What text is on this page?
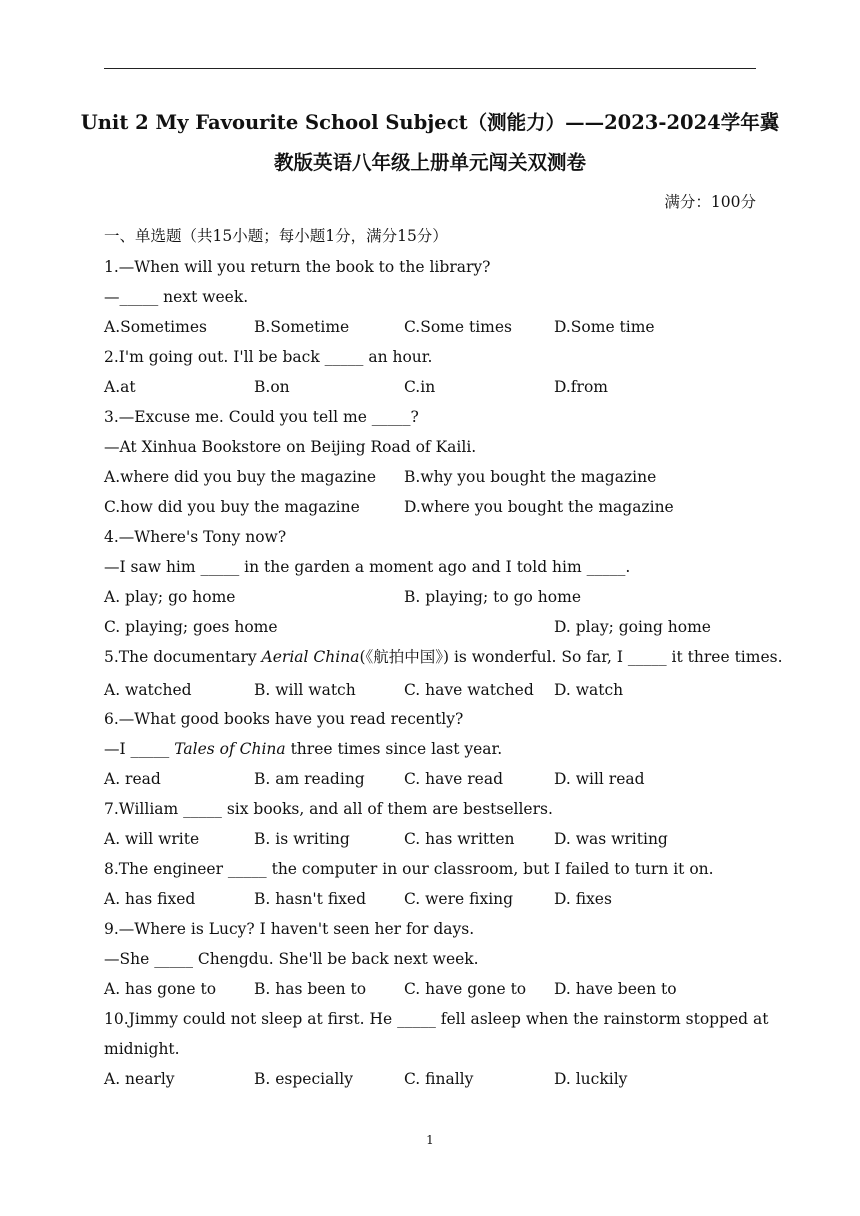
Unit 2 My Favourite School Subject（测能力）——2023-2024学年冀
教版英语八年级上册单元闯关双测卷
满分：100分
一、单选题（共15小题；每小题1分，满分15分）
1.—When will you return the book to the library?
—_____ next week.
A.Sometimes	B.Sometime	C.Some times	D.Some time
2.I'm going out. I'll be back _____ an hour.
A.at	B.on	C.in	D.from
3.—Excuse me. Could you tell me _____?
—At Xinhua Bookstore on Beijing Road of Kaili.
A.where did you buy the magazine B.why you bought the magazine
C.how did you buy the magazine	D.where you bought the magazine
4.—Where's Tony now?
—I saw him _____ in the garden a moment ago and I told him _____.
A. play; go home	B. playing; to go home
C. playing; goes home	D. play; going home
5.The documentary Aerial China(《航拍中国》) is wonderful. So far, I _____ it three times.
A. watched	B. will watch	C. have watched D. watch
6.—What good books have you read recently?
—I _____ Tales of China three times since last year.
A. read	B. am reading	C. have read	D. will read
7.William _____ six books, and all of them are bestsellers.
A. will write	B. is writing	C. has written	D. was writing
8.The engineer _____ the computer in our classroom, but I failed to turn it on.
A. has fixed	B. hasn't fixed C. were fixing	D. fixes
9.—Where is Lucy? I haven't seen her for days.
—She _____ Chengdu. She'll be back next week.
A. has gone to B. has been to C. have gone to D. have been to
10.Jimmy could not sleep at first. He _____ fell asleep when the rainstorm stopped at
midnight.
A. nearly	B. especially	C. finally	D. luckily
1
